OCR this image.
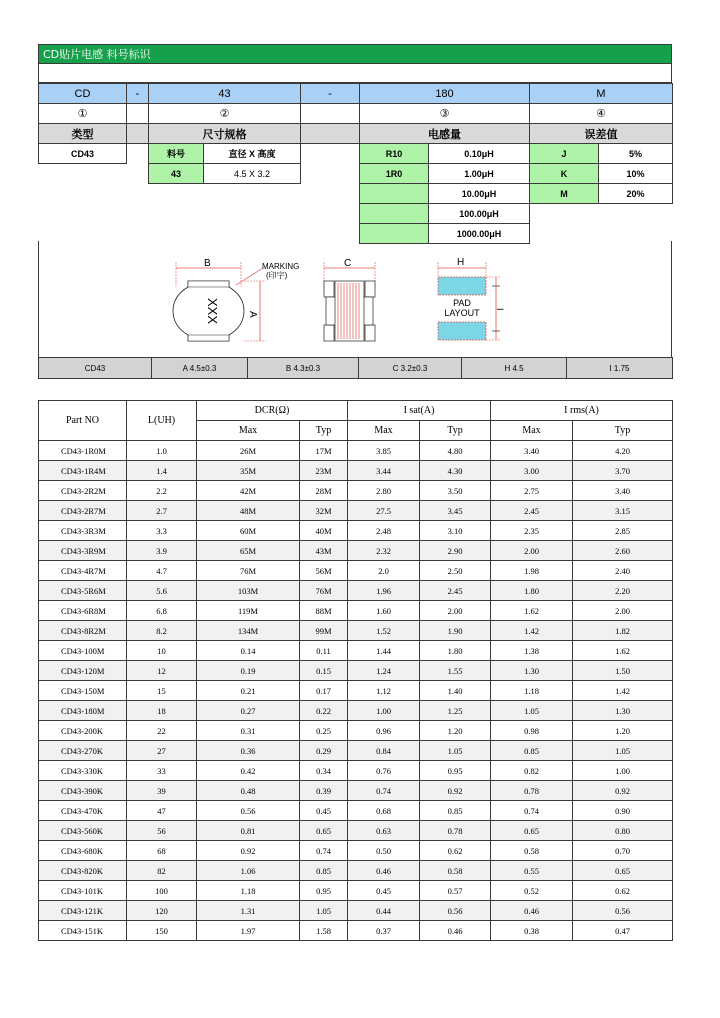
CD贴片电感 料号标识
CD	-	43		-	180		M	
①		②			③		④	
类型		尺寸规格			电感量		误差值	
CD43		料号	直径 X 高度		R10	0.10μH	J	5%
		43	4.5 X 3.2		1R0	1.00μH	K	10%
						10.00μH	M	20%
						100.00μH		
						1000.00μH		
B
XXX	A
MARKING
(印字)
C	H
PAD
LAYOUT I
CD43	A 4.5±0.3	B 4.3±0.3	C 3.2±0.3	H 4.5	I 1.75
Part NO	L(UH)	DCR(Ω)		I sat(A)		I rms(A)	
		Max	Typ	Max	Typ	Max	Typ
CD43-1R0M	1.0	26M	17M	3.85	4.80	3.40	4.20
CD43-1R4M	1.4	35M	23M	3.44	4.30	3.00	3.70
CD43-2R2M	2.2	42M	28M	2.80	3.50	2.75	3.40
CD43-2R7M	2.7	48M	32M	27.5	3.45	2.45	3.15
CD43-3R3M	3.3	60M	40M	2.48	3.10	2.35	2.85
CD43-3R9M	3.9	65M	43M	2.32	2.90	2.00	2.60
CD43-4R7M	4.7	76M	56M	2.0	2.50	1.98	2.40
CD43-5R6M	5.6	103M	76M	1.96	2.45	1.80	2.20
CD43-6R8M	6.8	119M	88M	1.60	2.00	1.62	2.00
CD43-8R2M	8.2	134M	99M	1.52	1.90	1.42	1.82
CD43-100M	10	0.14	0.11	1.44	1.80	1.38	1.62
CD43-120M	12	0.19	0.15	1.24	1.55	1.30	1.50
CD43-150M	15	0.21	0.17	1.12	1.40	1.18	1.42
CD43-180M	18	0.27	0.22	1.00	1.25	1.05	1.30
CD43-200K	22	0.31	0.25	0.96	1.20	0.98	1.20
CD43-270K	27	0.36	0.29	0.84	1.05	0.85	1.05
CD43-330K	33	0.42	0.34	0.76	0.95	0.82	1.00
CD43-390K	39	0.48	0.39	0.74	0.92	0.78	0.92
CD43-470K	47	0.56	0.45	0.68	0.85	0.74	0.90
CD43-560K	56	0.81	0.65	0.63	0.78	0.65	0.80
CD43-680K	68	0.92	0.74	0.50	0.62	0.58	0.70
CD43-820K	82	1.06	0.85	0.46	0.58	0.55	0.65
CD43-101K	100	1.18	0.95	0.45	0.57	0.52	0.62
CD43-121K	120	1.31	1.05	0.44	0.56	0.46	0.56
CD43-151K	150	1.97	1.58	0.37	0.46	0.38	0.47
